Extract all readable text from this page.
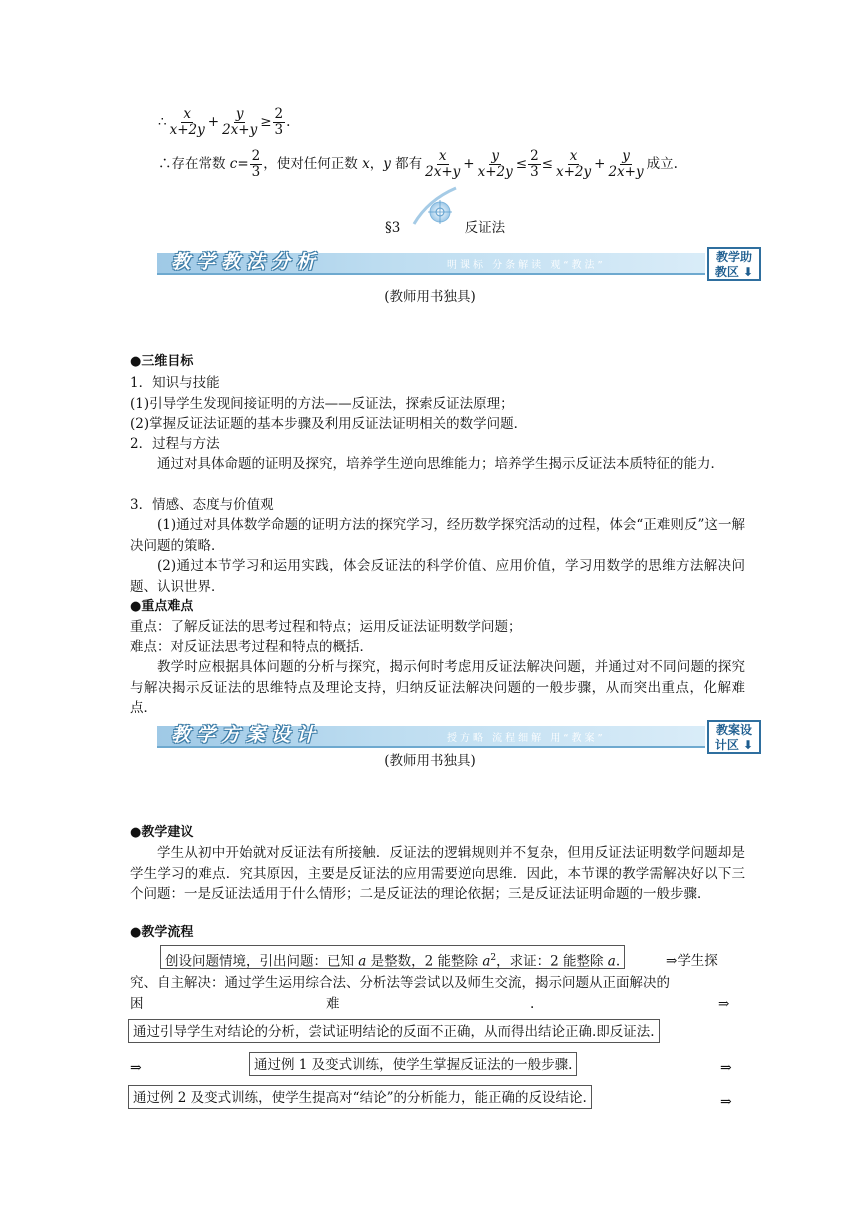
∴ $\frac{x}{x+2y} + \frac{y}{2x+y} \ge \frac{2}{3}$ .
∴存在常数 $c= \frac{2}{3}$ ，使对任何正数 x，y 都有 $\frac{x}{2x+y} + \frac{y}{x+2y} \le \frac{2}{3} \le \frac{x}{x+2y} + \frac{y}{2x+y}$ 成立.
§3	反证法
教学教法分析	明课标 分条解读 观“教法”
教学助
教区 ⬇
(教师用书独具)
●三维目标
1．知识与技能
(1)引导学生发现间接证明的方法——反证法，探索反证法原理；
(2)掌握反证法证题的基本步骤及利用反证法证明相关的数学问题．
2．过程与方法
通过对具体命题的证明及探究，培养学生逆向思维能力；培养学生揭示反证法本质特征的能力．
3．情感、态度与价值观
(1)通过对具体数学命题的证明方法的探究学习，经历数学探究活动的过程，体会“正难则反”这一解决问题的策略．
(2)通过本节学习和运用实践，体会反证法的科学价值、应用价值，学习用数学的思维方法解决问题、认识世界．
●重点难点
重点：了解反证法的思考过程和特点；运用反证法证明数学问题；
难点：对反证法思考过程和特点的概括．
教学时应根据具体问题的分析与探究，揭示何时考虑用反证法解决问题，并通过对不同问题的探究与解决揭示反证法的思维特点及理论支持，归纳反证法解决问题的一般步骤，从而突出重点，化解难点．
教学方案设计	授方略 流程细解 用“教案”
教案设
计区 ⬇
(教师用书独具)
●教学建议
学生从初中开始就对反证法有所接触．反证法的逻辑规则并不复杂，但用反证法证明数学问题却是学生学习的难点．究其原因，主要是反证法的应用需要逆向思维．因此，本节课的教学需解决好以下三个问题：一是反证法适用于什么情形；二是反证法的理论依据；三是反证法证明命题的一般步骤．
●教学流程
创设问题情境，引出问题：已知 a 是整数，2 能整除 $a^2$，求证：2 能整除 a.	⇒学生探
究、自主解决：通过学生运用综合法、分析法等尝试以及师生交流，揭示问题从正面解决的
困	难	.	⇒
通过引导学生对结论的分析，尝试证明结论的反面不正确，从而得出结论正确.即反证法.
⇒	通过例 1 及变式训练，使学生掌握反证法的一般步骤.	⇒
通过例 2 及变式训练，使学生提高对“结论”的分析能力，能正确的反设结论.	⇒
